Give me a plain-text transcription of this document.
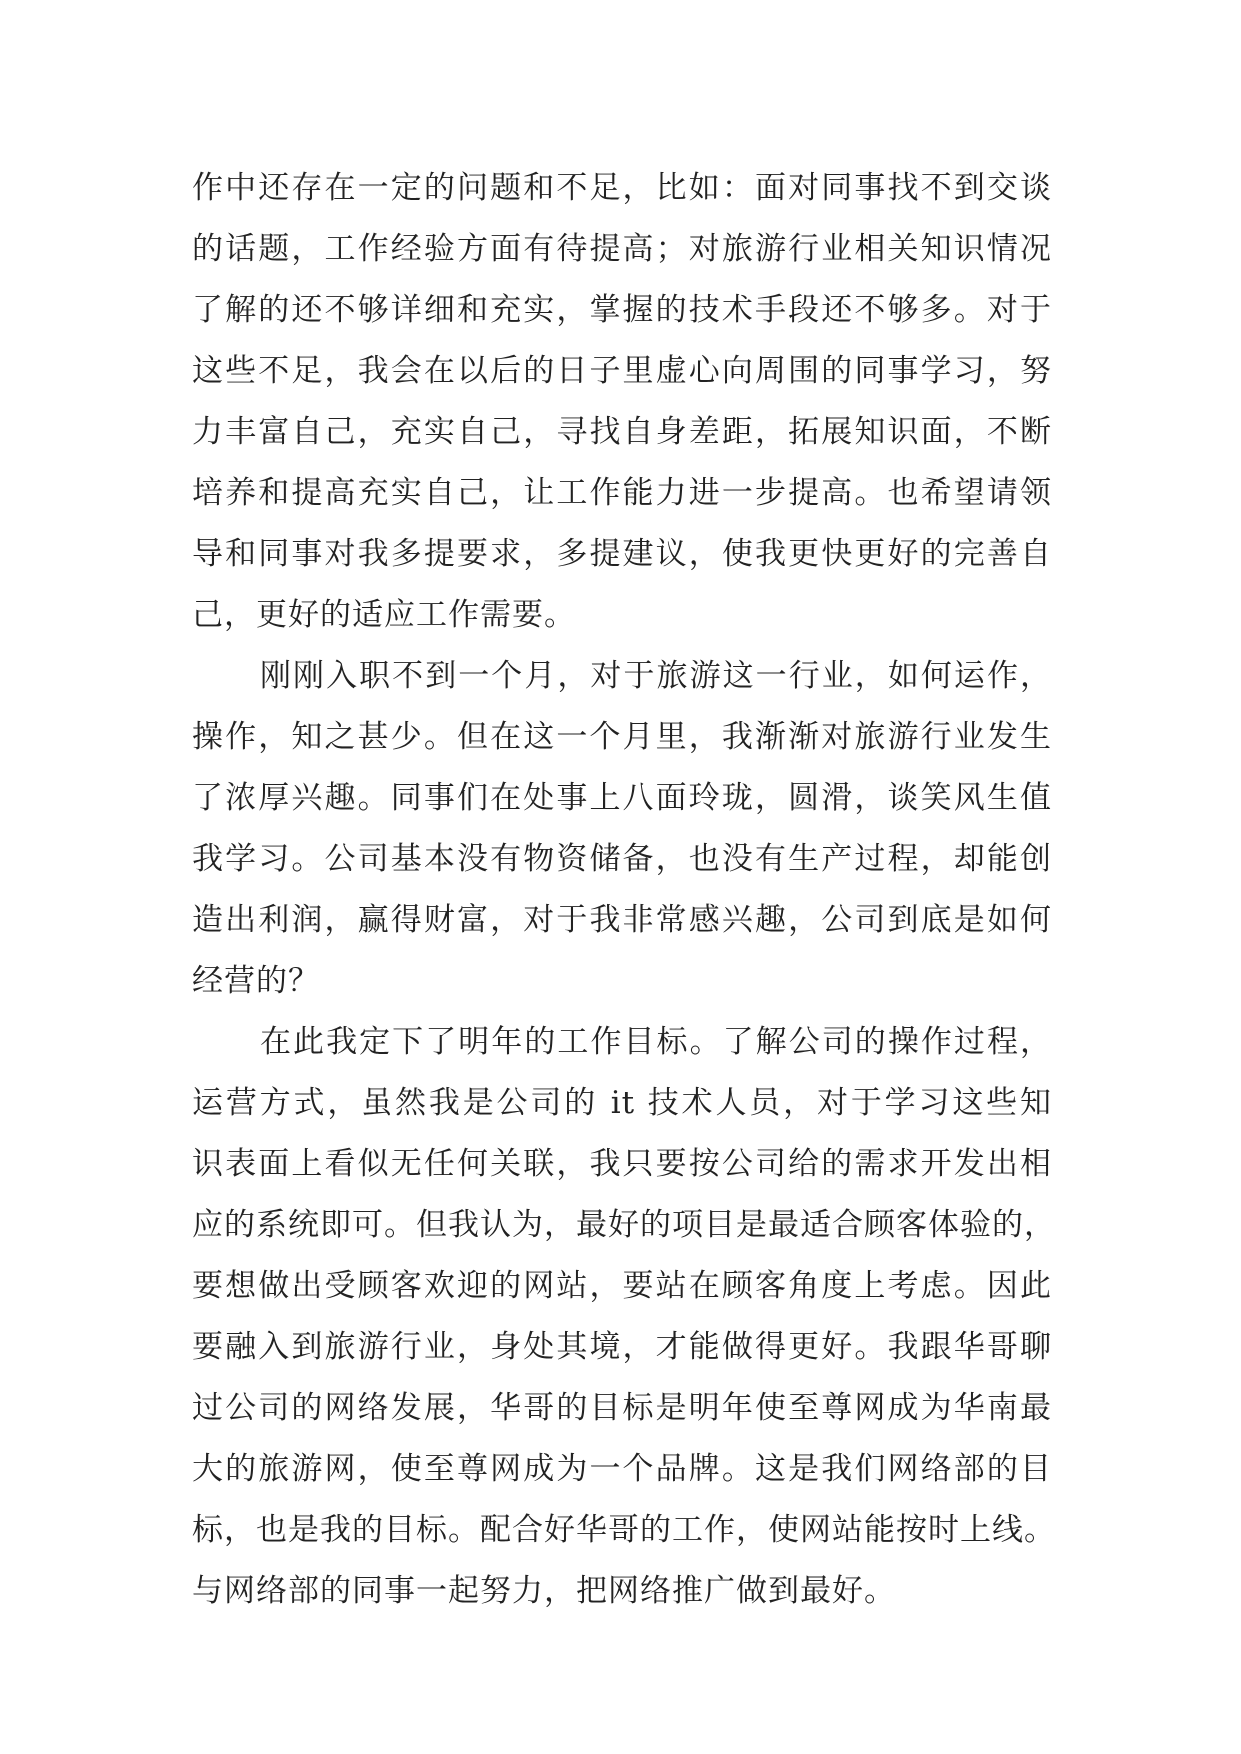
作中还存在一定的问题和不足，比如：面对同事找不到交谈
的话题，工作经验方面有待提高；对旅游行业相关知识情况
了解的还不够详细和充实，掌握的技术手段还不够多。对于
这些不足，我会在以后的日子里虚心向周围的同事学习，努
力丰富自己，充实自己，寻找自身差距，拓展知识面，不断
培养和提高充实自己，让工作能力进一步提高。也希望请领
导和同事对我多提要求，多提建议，使我更快更好的完善自
己，更好的适应工作需要。
刚刚入职不到一个月，对于旅游这一行业，如何运作，
操作，知之甚少。但在这一个月里，我渐渐对旅游行业发生
了浓厚兴趣。同事们在处事上八面玲珑，圆滑，谈笑风生值
我学习。公司基本没有物资储备，也没有生产过程，却能创
造出利润，赢得财富，对于我非常感兴趣，公司到底是如何
经营的？
在此我定下了明年的工作目标。了解公司的操作过程，
运营方式，虽然我是公司的 it 技术人员，对于学习这些知
识表面上看似无任何关联，我只要按公司给的需求开发出相
应的系统即可。但我认为，最好的项目是最适合顾客体验的，
要想做出受顾客欢迎的网站，要站在顾客角度上考虑。因此
要融入到旅游行业，身处其境，才能做得更好。我跟华哥聊
过公司的网络发展，华哥的目标是明年使至尊网成为华南最
大的旅游网，使至尊网成为一个品牌。这是我们网络部的目
标，也是我的目标。配合好华哥的工作，使网站能按时上线。
与网络部的同事一起努力，把网络推广做到最好。
